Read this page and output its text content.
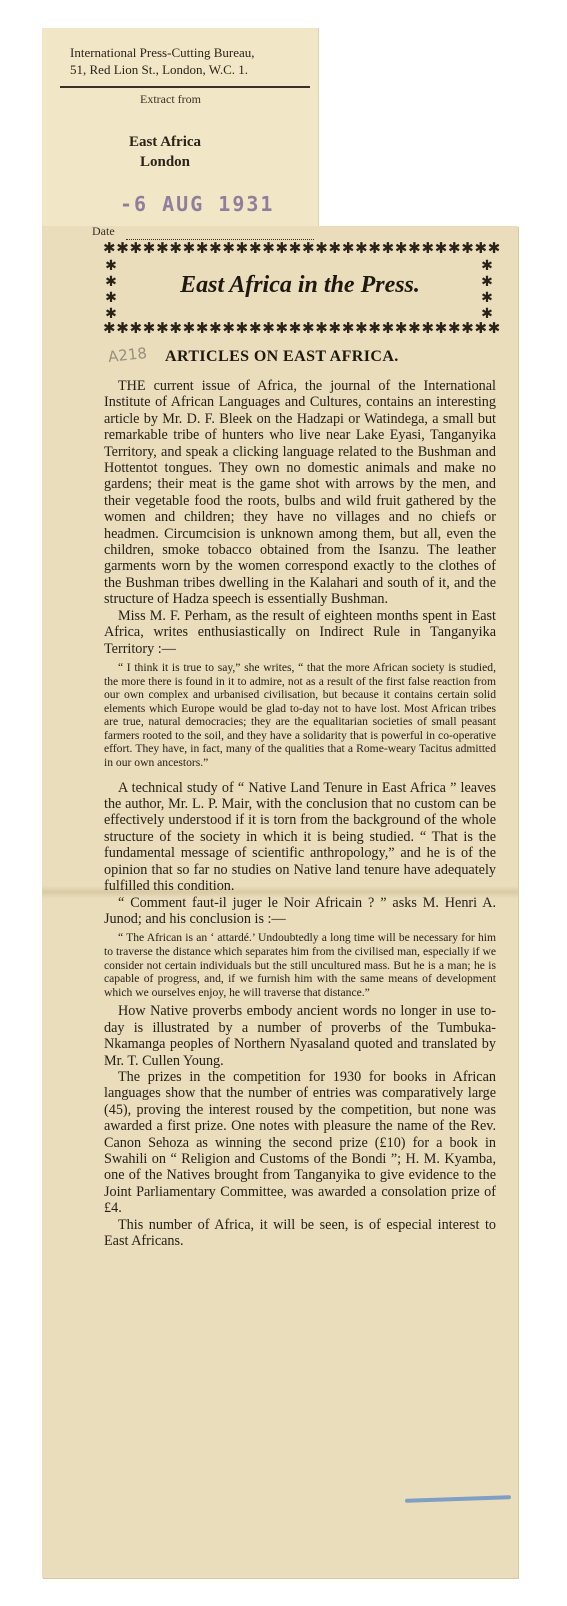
International Press-Cutting Bureau,
51, Red Lion St., London, W.C. 1.
Extract from
East Africa
London
-6 AUG 1931
Date
✱✱✱✱✱✱✱✱✱✱✱✱✱✱✱✱✱✱✱✱✱✱✱✱✱✱✱✱✱✱
✱✱✱✱✱✱✱✱✱✱✱✱✱✱✱✱✱✱✱✱✱✱✱✱✱✱✱✱✱✱
✱
✱
✱
✱
✱
✱
✱
✱
East Africa in the Press.
A218 ARTICLES ON EAST AFRICA.

THE current issue of Africa, the journal of the International Institute of African Languages and Cultures, contains an interesting article by Mr. D. F. Bleek on the Hadzapi or Watindega, a small but remarkable tribe of hunters who live near Lake Eyasi, Tanganyika Territory, and speak a clicking language related to the Bushman and Hottentot tongues. They own no domestic animals and make no gardens; their meat is the game shot with arrows by the men, and their vegetable food the roots, bulbs and wild fruit gathered by the women and children; they have no villages and no chiefs or headmen. Circumcision is unknown among them, but all, even the children, smoke tobacco obtained from the Isanzu. The leather garments worn by the women correspond exactly to the clothes of the Bushman tribes dwelling in the Kalahari and south of it, and the structure of Hadza speech is essentially Bushman.

Miss M. F. Perham, as the result of eighteen months spent in East Africa, writes enthusiastically on Indirect Rule in Tanganyika Territory :—

“ I think it is true to say,” she writes, “ that the more African society is studied, the more there is found in it to admire, not as a result of the first false reaction from our own complex and urbanised civilisation, but because it contains certain solid elements which Europe would be glad to-day not to have lost. Most African tribes are true, natural democracies; they are the equalitarian societies of small peasant farmers rooted to the soil, and they have a solidarity that is powerful in co-operative effort. They have, in fact, many of the qualities that a Rome-weary Tacitus admitted in our own ancestors.”

A technical study of “ Native Land Tenure in East Africa ” leaves the author, Mr. L. P. Mair, with the conclusion that no custom can be effectively understood if it is torn from the background of the whole structure of the society in which it is being studied. “ That is the fundamental message of scientific anthropology,” and he is of the opinion that so far no studies on Native land tenure have adequately fulfilled this condition.

“ Comment faut-il juger le Noir Africain ? ” asks M. Henri A. Junod; and his conclusion is :—

“ The African is an ‘ attardé.’ Undoubtedly a long time will be necessary for him to traverse the distance which separates him from the civilised man, especially if we consider not certain individuals but the still uncultured mass. But he is a man; he is capable of progress, and, if we furnish him with the same means of development which we ourselves enjoy, he will traverse that distance.”

How Native proverbs embody ancient words no longer in use to-day is illustrated by a number of proverbs of the Tumbuka-Nkamanga peoples of Northern Nyasaland quoted and translated by Mr. T. Cullen Young.

The prizes in the competition for 1930 for books in African languages show that the number of entries was comparatively large (45), proving the interest roused by the competition, but none was awarded a first prize. One notes with pleasure the name of the Rev. Canon Sehoza as winning the second prize (£10) for a book in Swahili on “ Religion and Customs of the Bondi ”; H. M. Kyamba, one of the Natives brought from Tanganyika to give evidence to the Joint Parliamentary Committee, was awarded a consolation prize of £4.

This number of Africa, it will be seen, is of especial interest to East Africans.
